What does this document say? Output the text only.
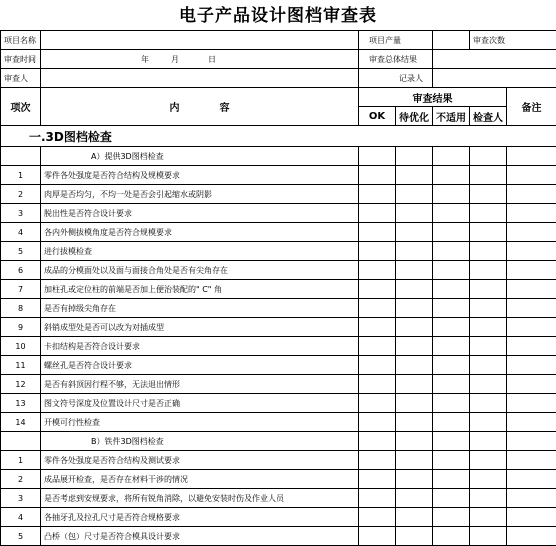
电子产品设计图档审查表
项目名称		项目产量			审查次数	
审查时间	年 月 日	审查总体结果				
审查人		记录人				
项次	内　　　　容	审查结果				备注
		OK	待优化	不适用	检查人	
一.3D图档检查						
	A）提供3D图档检查					
1	零件各处强度是否符合结构及规模要求					
2	肉厚是否均匀，不均一处是否会引起缩水或阴影					
3	脱出性是否符合设计要求					
4	各内外侧拔模角度是否符合规模要求					
5	进行拔模检查					
6	成品的分模面处以及面与面接合角处是否有尖角存在					
7	加柱孔或定位柱的前端是否加上便治装配的" C" 角					
8	是否有掉级尖角存在					
9	斜销成型处是否可以改为对插成型					
10	卡扣结构是否符合设计要求					
11	螺丝孔是否符合设计要求					
12	是否有斜顶因行程不够，无法退出情形					
13	图文符号深度及位置设计尺寸是否正确					
14	开模可行性检查					
	B）铁件3D图档检查					
1	零件各处强度是否符合结构及测试要求					
2	成品展开检查，是否存在材料干涉的情况					
3	是否考虑到安规要求，将所有锐角消除，以避免安装时伤及作业人员					
4	各抽牙孔及拉孔尺寸是否符合规格要求					
5	凸桥（包）尺寸是否符合模具设计要求					
